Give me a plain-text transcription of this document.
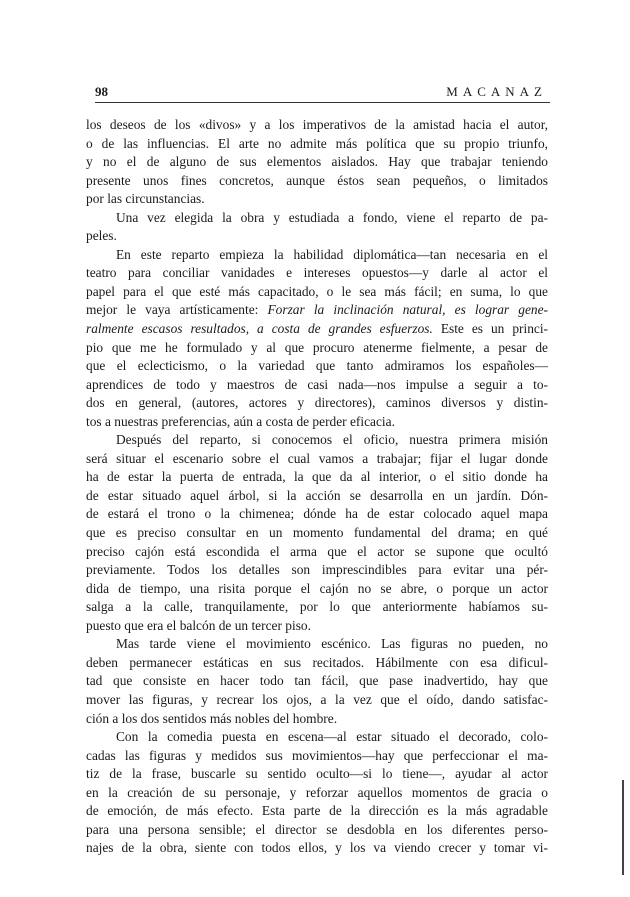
98	MACANAZ
los deseos de los «divos» y a los imperativos de la amistad hacia el autor,
o de las influencias. El arte no admite más política que su propio triunfo,
y no el de alguno de sus elementos aislados. Hay que trabajar teniendo
presente unos fines concretos, aunque éstos sean pequeños, o limitados
por las circunstancias.
Una vez elegida la obra y estudiada a fondo, viene el reparto de pa-
peles.
En este reparto empieza la habilidad diplomática—tan necesaria en el
teatro para conciliar vanidades e intereses opuestos—y darle al actor el
papel para el que esté más capacitado, o le sea más fácil; en suma, lo que
mejor le vaya artísticamente: Forzar la inclinación natural, es lograr gene-
ralmente escasos resultados, a costa de grandes esfuerzos. Este es un princi-
pio que me he formulado y al que procuro atenerme fielmente, a pesar de
que el eclecticismo, o la variedad que tanto admiramos los españoles—
aprendices de todo y maestros de casi nada—nos impulse a seguir a to-
dos en general, (autores, actores y directores), caminos diversos y distin-
tos a nuestras preferencias, aún a costa de perder eficacia.
Después del reparto, si conocemos el oficio, nuestra primera misión
será situar el escenario sobre el cual vamos a trabajar; fijar el lugar donde
ha de estar la puerta de entrada, la que da al interior, o el sitio donde ha
de estar situado aquel árbol, si la acción se desarrolla en un jardín. Dón-
de estará el trono o la chimenea; dónde ha de estar colocado aquel mapa
que es preciso consultar en un momento fundamental del drama; en qué
preciso cajón está escondida el arma que el actor se supone que ocultó
previamente. Todos los detalles son imprescindibles para evitar una pér-
dida de tiempo, una risita porque el cajón no se abre, o porque un actor
salga a la calle, tranquilamente, por lo que anteriormente habíamos su-
puesto que era el balcón de un tercer piso.
Mas tarde viene el movimiento escénico. Las figuras no pueden, no
deben permanecer estáticas en sus recitados. Hábilmente con esa dificul-
tad que consiste en hacer todo tan fácil, que pase inadvertido, hay que
mover las figuras, y recrear los ojos, a la vez que el oído, dando satisfac-
ción a los dos sentidos más nobles del hombre.
Con la comedia puesta en escena—al estar situado el decorado, colo-
cadas las figuras y medidos sus movimientos—hay que perfeccionar el ma-
tiz de la frase, buscarle su sentido oculto—si lo tiene—, ayudar al actor
en la creación de su personaje, y reforzar aquellos momentos de gracia o
de emoción, de más efecto. Esta parte de la dirección es la más agradable
para una persona sensible; el director se desdobla en los diferentes perso-
najes de la obra, siente con todos ellos, y los va viendo crecer y tomar vi-
